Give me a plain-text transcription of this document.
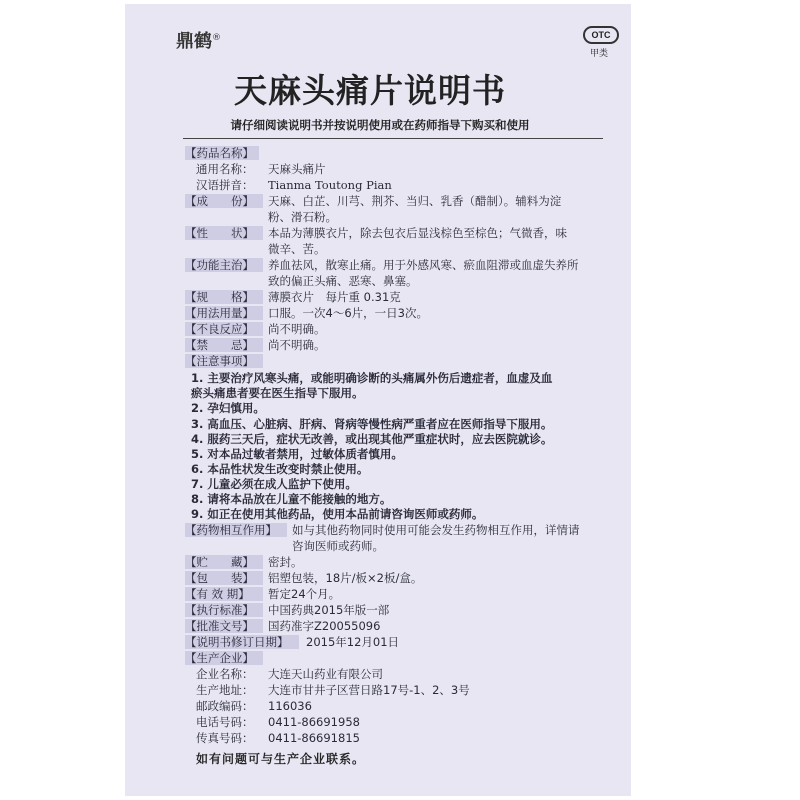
鼎鹤®	OTC
甲类
天麻头痛片说明书
请仔细阅读说明书并按说明使用或在药师指导下购买和使用
【药品名称】
通用名称： 天麻头痛片
汉语拼音： Tianma Toutong Pian
【成　　份】	天麻、白芷、川芎、荆芥、当归、乳香（醋制）。辅料为淀
粉、滑石粉。
【性　　状】	本品为薄膜衣片，除去包衣后显浅棕色至棕色；气微香，味
微辛、苦。
【功能主治】	养血祛风，散寒止痛。用于外感风寒、瘀血阻滞或血虚失养所
致的偏正头痛、恶寒、鼻塞。
【规　　格】	薄膜衣片　每片重 0.31克
【用法用量】	口服。一次4～6片，一日3次。
【不良反应】	尚不明确。
【禁　　忌】	尚不明确。
【注意事项】
1. 主要治疗风寒头痛，或能明确诊断的头痛属外伤后遗症者，血虚及血
瘀头痛患者要在医生指导下服用。
2. 孕妇慎用。
3. 高血压、心脏病、肝病、肾病等慢性病严重者应在医师指导下服用。
4. 服药三天后，症状无改善，或出现其他严重症状时，应去医院就诊。
5. 对本品过敏者禁用，过敏体质者慎用。
6. 本品性状发生改变时禁止使用。
7. 儿童必须在成人监护下使用。
8. 请将本品放在儿童不能接触的地方。
9. 如正在使用其他药品，使用本品前请咨询医师或药师。
【药物相互作用】	如与其他药物同时使用可能会发生药物相互作用，详情请
咨询医师或药师。
【贮　　藏】	密封。
【包　　装】	铝塑包装，18片/板×2板/盒。
【有 效 期】	暂定24个月。
【执行标准】	中国药典2015年版一部
【批准文号】	国药准字Z20055096
【说明书修订日期】	2015年12月01日
【生产企业】
企业名称： 大连天山药业有限公司
生产地址： 大连市甘井子区营日路17号-1、2、3号
邮政编码： 116036
电话号码： 0411-86691958
传真号码： 0411-86691815
如有问题可与生产企业联系。
